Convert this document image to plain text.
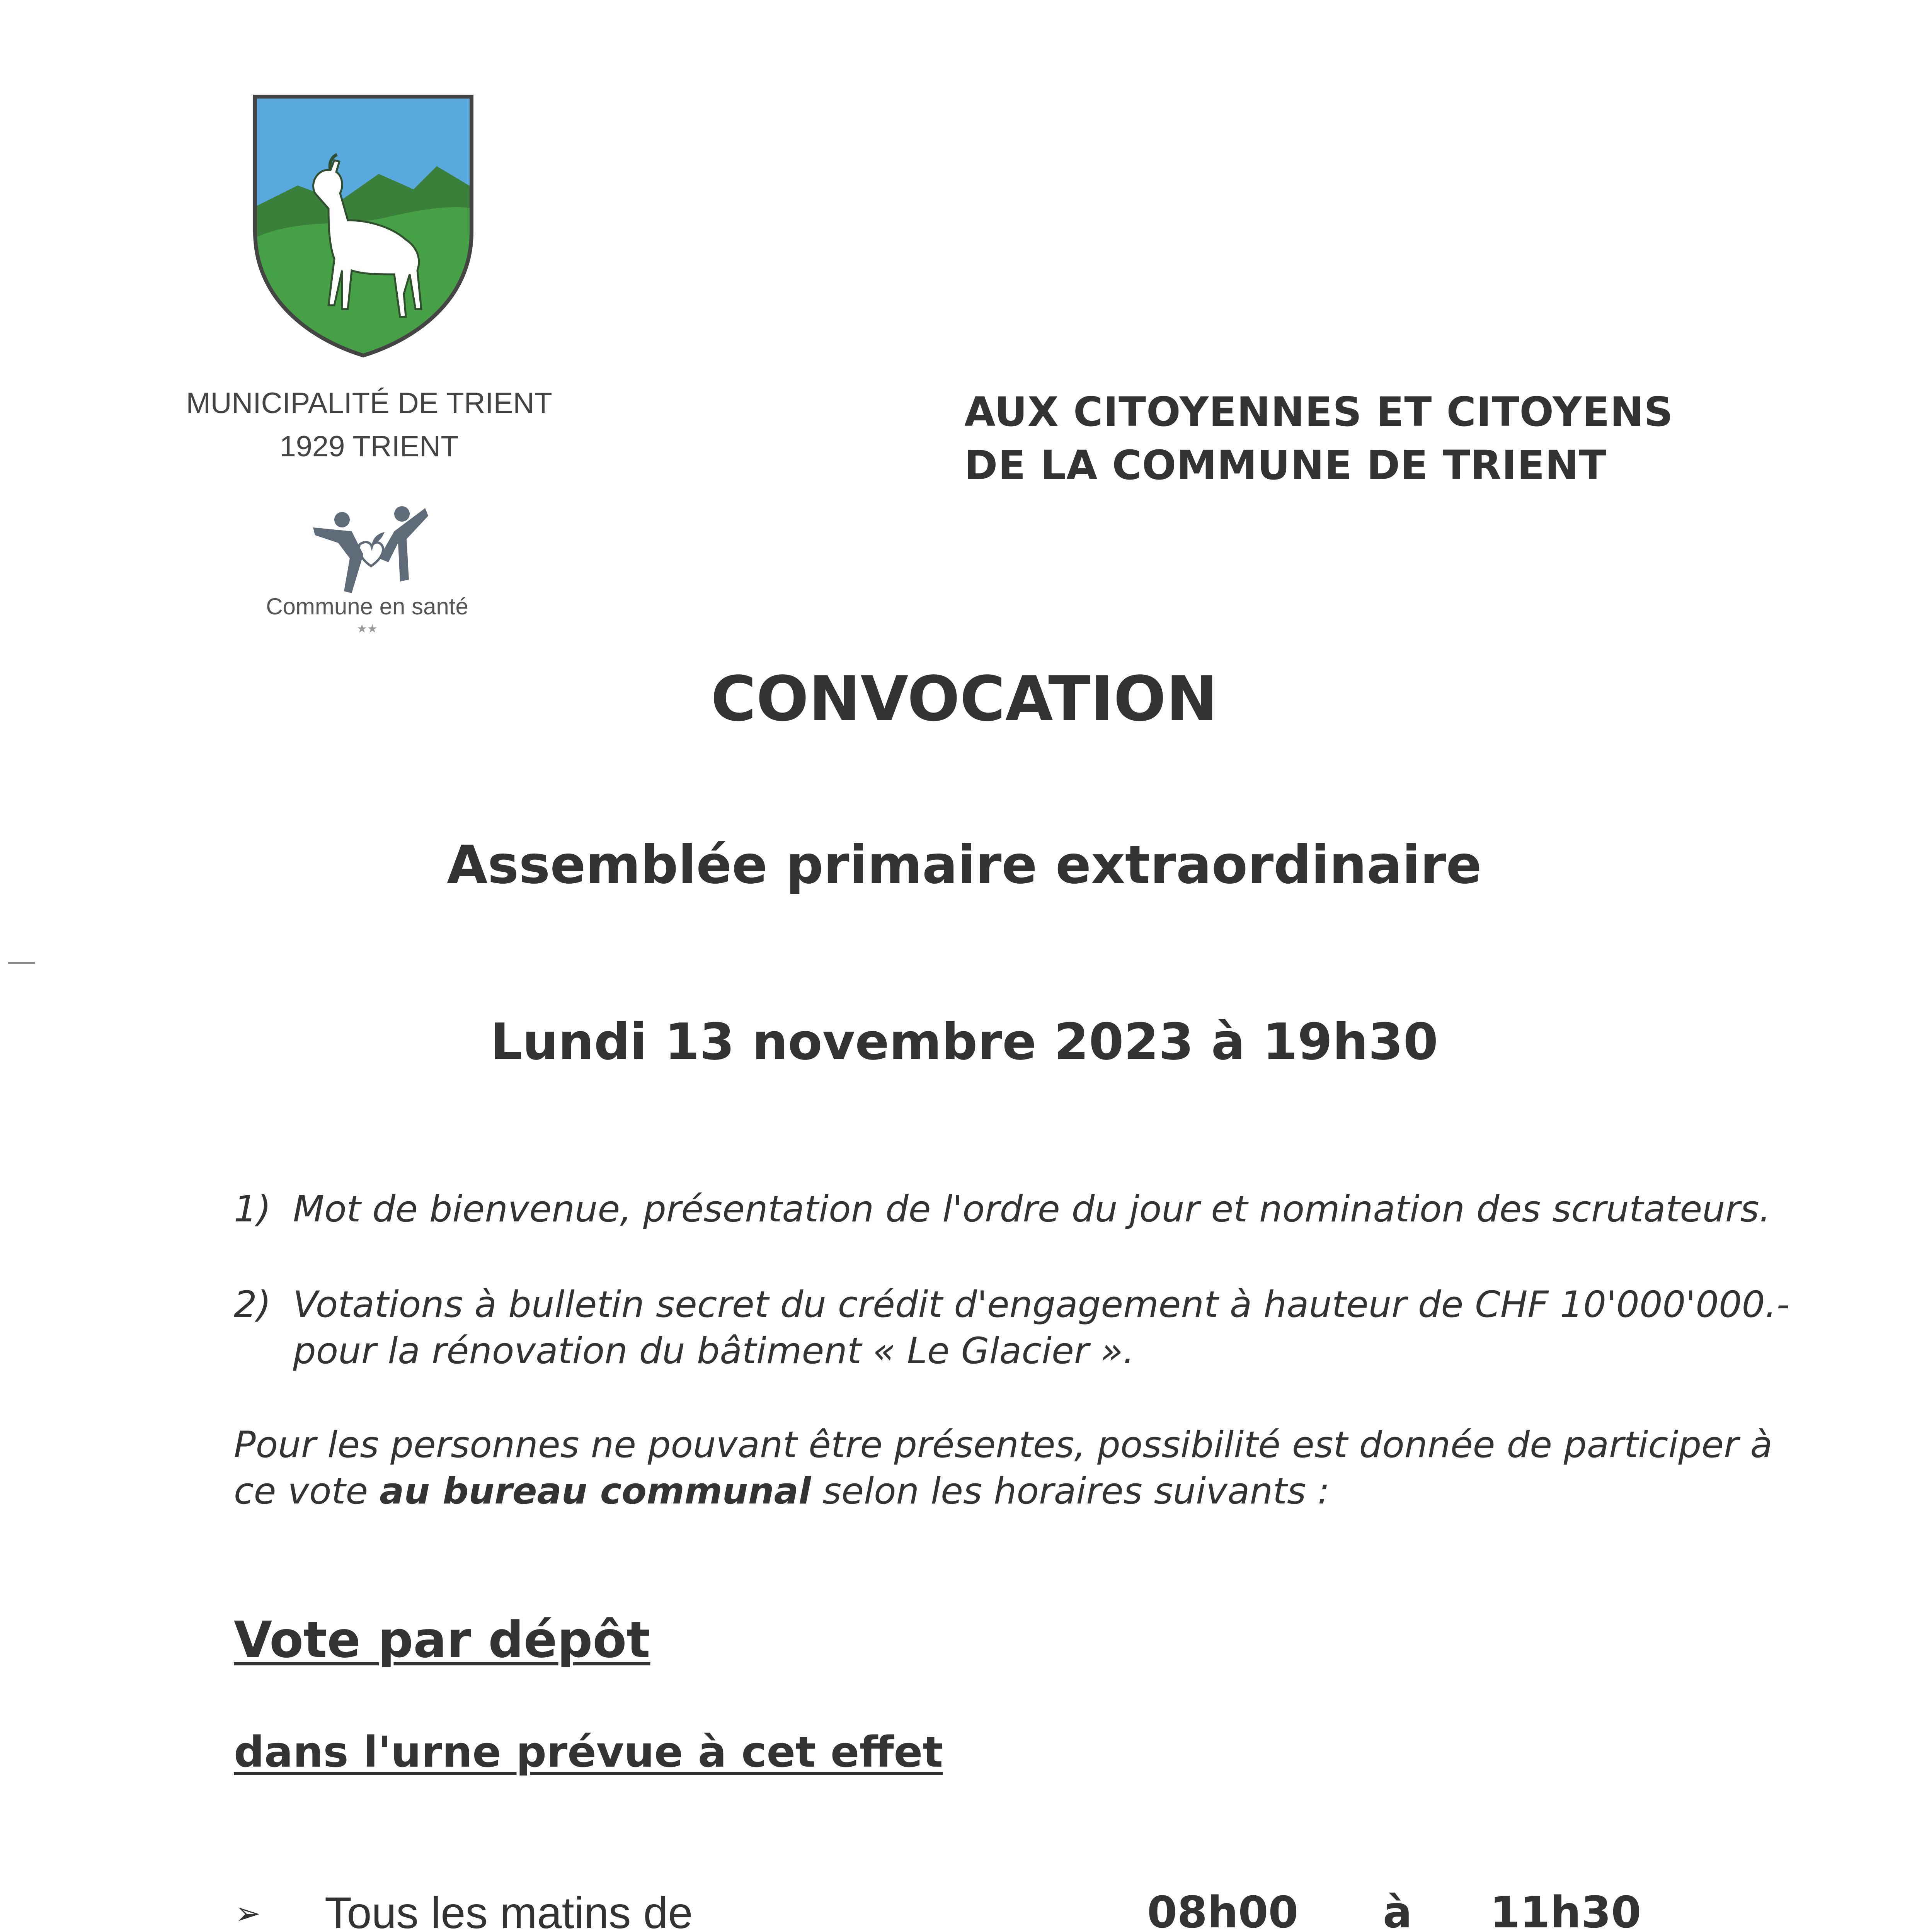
MUNICIPALITÉ DE TRIENT
1929 TRIENT
Commune en santé
★★
AUX CITOYENNES ET CITOYENS
DE LA COMMUNE DE TRIENT
CONVOCATION
Assemblée primaire extraordinaire
Lundi 13 novembre 2023 à 19h30
1) Mot de bienvenue, présentation de l'ordre du jour et nomination des scrutateurs.
2) Votations à bulletin secret du crédit d'engagement à hauteur de CHF 10'000'000.-
pour la rénovation du bâtiment « Le Glacier ».
Pour les personnes ne pouvant être présentes, possibilité est donnée de participer à
ce vote au bureau communal selon les horaires suivants :
Vote par dépôt
dans l'urne prévue à cet effet
➢ Tous les matins de	08h00 à 11h30
